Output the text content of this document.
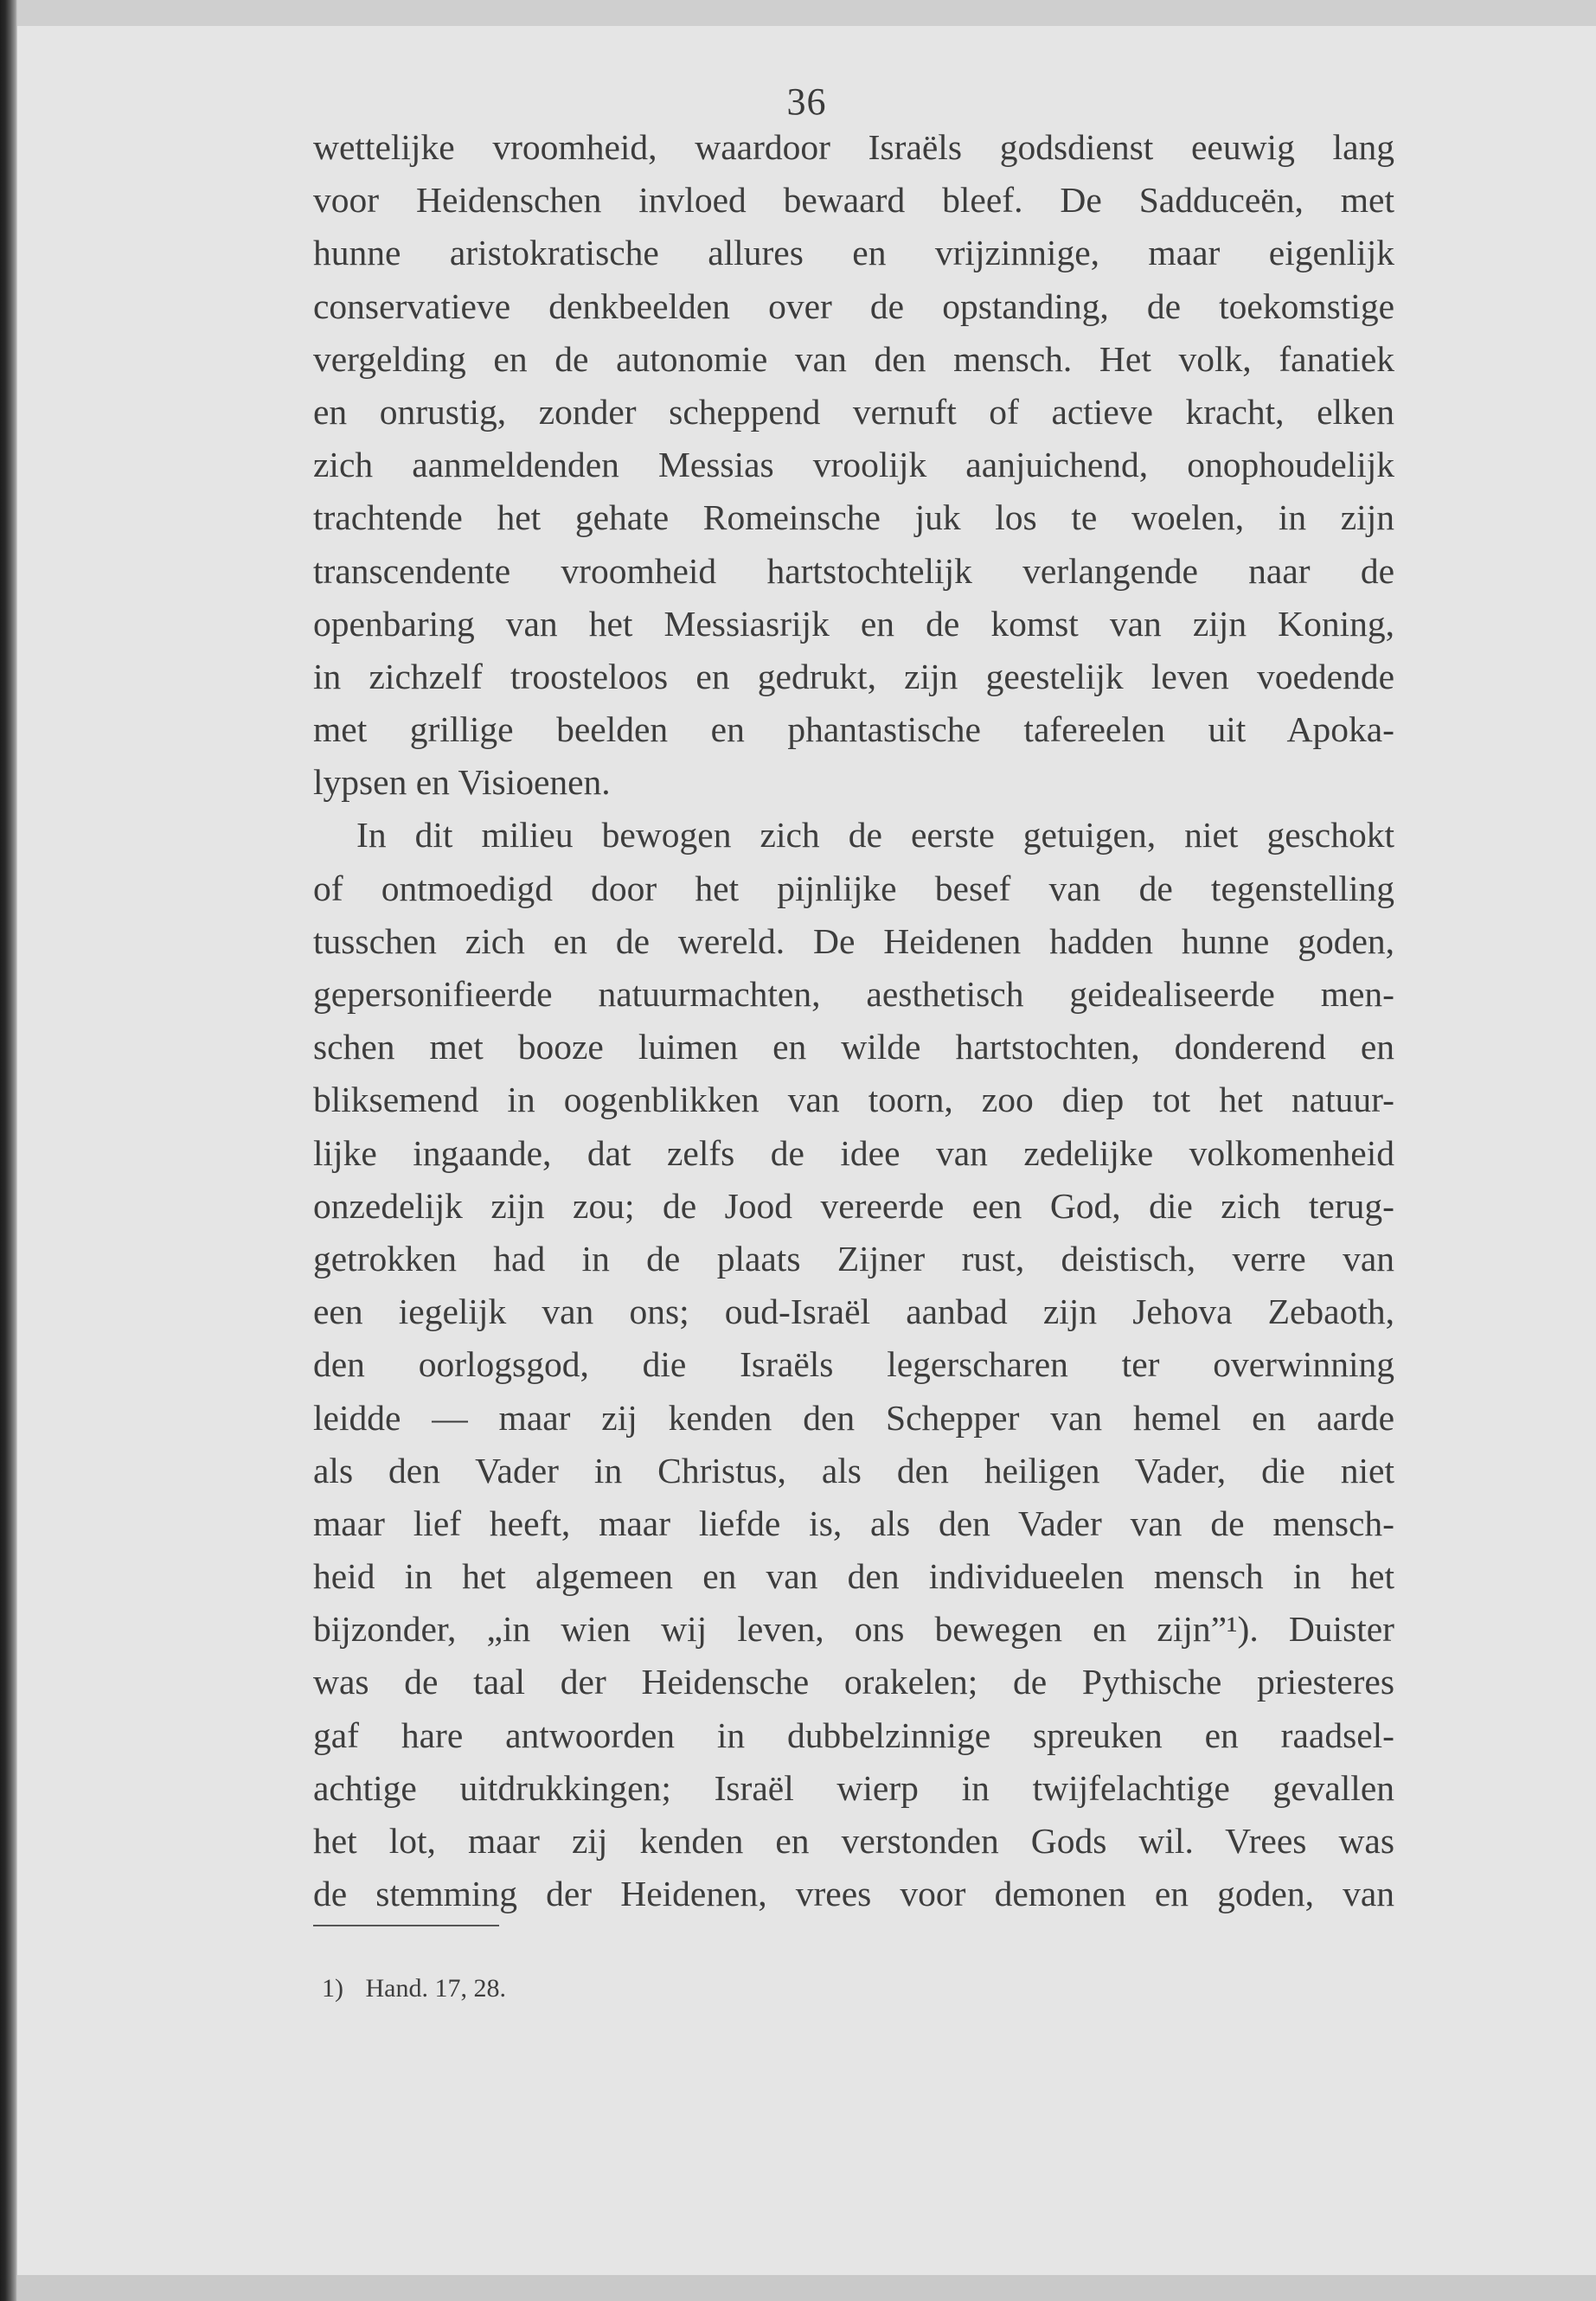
36
wettelijke vroomheid, waardoor Israëls godsdienst eeuwig lang
voor Heidenschen invloed bewaard bleef. De Sadduceën, met
hunne aristokratische allures en vrijzinnige, maar eigenlijk
conservatieve denkbeelden over de opstanding, de toekomstige
vergelding en de autonomie van den mensch. Het volk, fanatiek
en onrustig, zonder scheppend vernuft of actieve kracht, elken
zich aanmeldenden Messias vroolijk aanjuichend, onophoudelijk
trachtende het gehate Romeinsche juk los te woelen, in zijn
transcendente vroomheid hartstochtelijk verlangende naar de
openbaring van het Messiasrijk en de komst van zijn Koning,
in zichzelf troosteloos en gedrukt, zijn geestelijk leven voedende
met grillige beelden en phantastische tafereelen uit Apoka-
lypsen en Visioenen.
In dit milieu bewogen zich de eerste getuigen, niet geschokt
of ontmoedigd door het pijnlijke besef van de tegenstelling
tusschen zich en de wereld. De Heidenen hadden hunne goden,
gepersonifieerde natuurmachten, aesthetisch geidealiseerde men-
schen met booze luimen en wilde hartstochten, donderend en
bliksemend in oogenblikken van toorn, zoo diep tot het natuur-
lijke ingaande, dat zelfs de idee van zedelijke volkomenheid
onzedelijk zijn zou; de Jood vereerde een God, die zich terug-
getrokken had in de plaats Zijner rust, deistisch, verre van
een iegelijk van ons; oud-Israël aanbad zijn Jehova Zebaoth,
den oorlogsgod, die Israëls legerscharen ter overwinning
leidde — maar zij kenden den Schepper van hemel en aarde
als den Vader in Christus, als den heiligen Vader, die niet
maar lief heeft, maar liefde is, als den Vader van de mensch-
heid in het algemeen en van den individueelen mensch in het
bijzonder, „in wien wij leven, ons bewegen en zijn”¹). Duister
was de taal der Heidensche orakelen; de Pythische priesteres
gaf hare antwoorden in dubbelzinnige spreuken en raadsel-
achtige uitdrukkingen; Israël wierp in twijfelachtige gevallen
het lot, maar zij kenden en verstonden Gods wil. Vrees was
de stemming der Heidenen, vrees voor demonen en goden, van
1) Hand. 17, 28.
